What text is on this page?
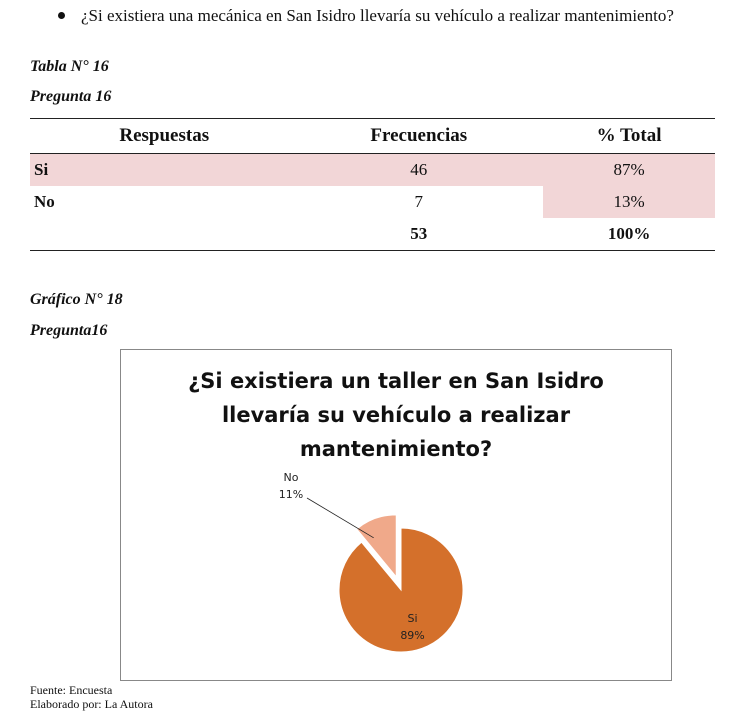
¿Si existiera una mecánica en San Isidro llevaría su vehículo a realizar mantenimiento?
Tabla N° 16
Pregunta 16
Respuestas	Frecuencias	% Total
Si	46	87%
No	7	13%
	53	100%
Gráfico N° 18
Pregunta16
¿Si existiera un taller en San Isidro
llevaría su vehículo a realizar
mantenimiento?
Si
89%
No
11%
Fuente: Encuesta
Elaborado por: La Autora
